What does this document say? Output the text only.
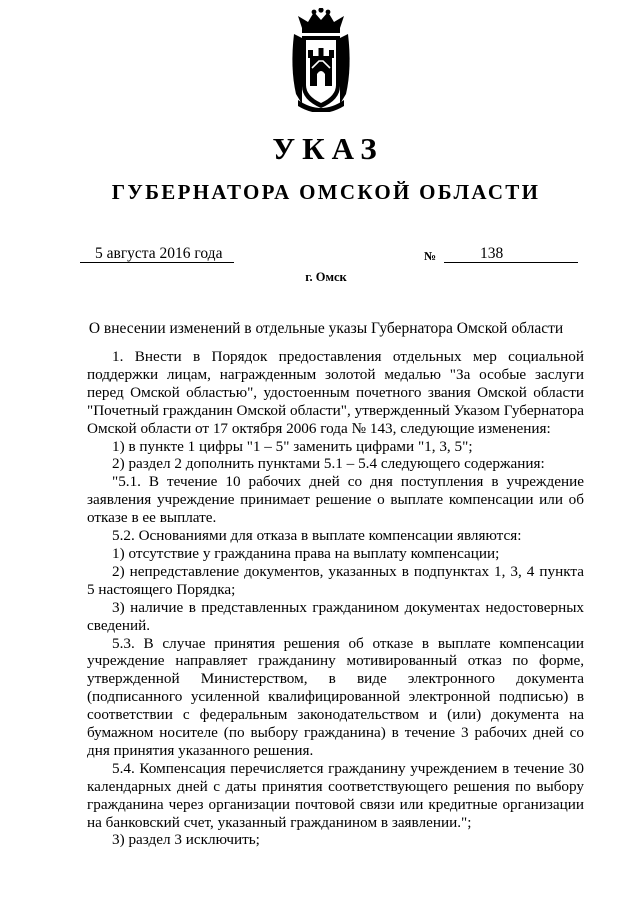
УКАЗ
ГУБЕРНАТОРА ОМСКОЙ ОБЛАСТИ
5 августа 2016 года	№	138
г. Омск
О внесении изменений в отдельные указы Губернатора Омской области

1. Внести в Порядок предоставления отдельных мер социальной поддержки лицам, награжденным золотой медалью "За особые заслуги перед Омской областью", удостоенным почетного звания Омской области "Почетный гражданин Омской области", утвержденный Указом Губернатора Омской области от 17 октября 2006 года № 143, следующие изменения:

1) в пункте 1 цифры "1 – 5" заменить цифрами "1, 3, 5";

2) раздел 2 дополнить пунктами 5.1 – 5.4 следующего содержания:

"5.1. В течение 10 рабочих дней со дня поступления в учреждение заявления учреждение принимает решение о выплате компенсации или об отказе в ее выплате.

5.2. Основаниями для отказа в выплате компенсации являются:

1) отсутствие у гражданина права на выплату компенсации;

2) непредставление документов, указанных в подпунктах 1, 3, 4 пункта 5 настоящего Порядка;

3) наличие в представленных гражданином документах недостоверных сведений.

5.3. В случае принятия решения об отказе в выплате компенсации учреждение направляет гражданину мотивированный отказ по форме, утвержденной Министерством, в виде электронного документа (подписанного усиленной квалифицированной электронной подписью) в соответствии с федеральным законодательством и (или) документа на бумажном носителе (по выбору гражданина) в течение 3 рабочих дней со дня принятия указанного решения.

5.4. Компенсация перечисляется гражданину учреждением в течение 30 календарных дней с даты принятия соответствующего решения по выбору гражданина через организации почтовой связи или кредитные организации на банковский счет, указанный гражданином в заявлении.";

3) раздел 3 исключить;
